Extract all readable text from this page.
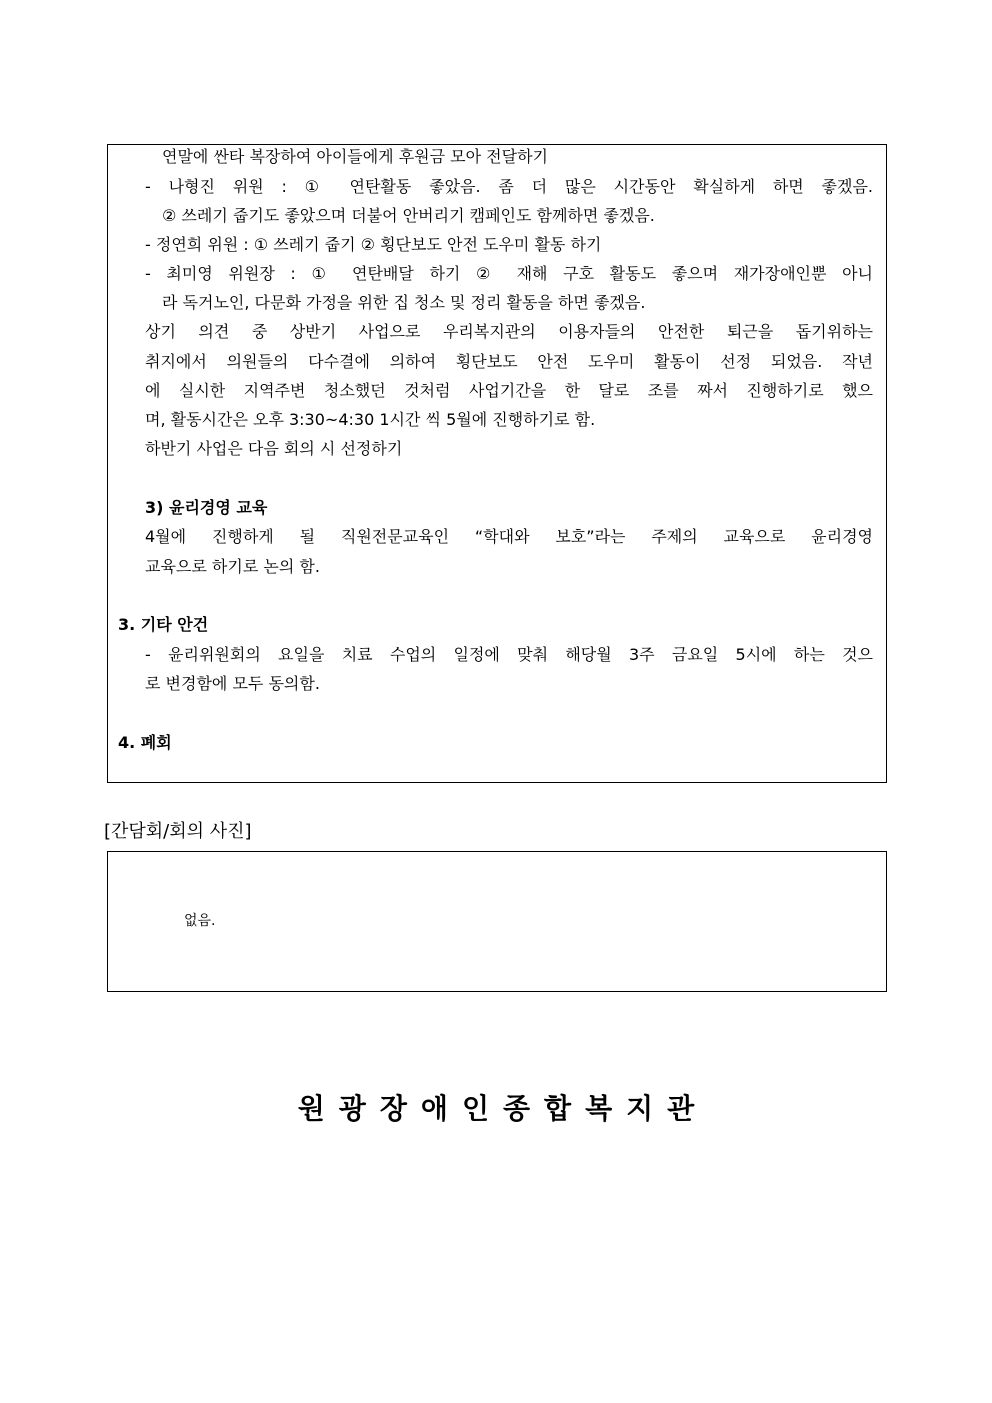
연말에 싼타 복장하여 아이들에게 후원금 모아 전달하기
- 나형진 위원 : ① 연탄활동 좋았음. 좀 더 많은 시간동안 확실하게 하면 좋겠음.
② 쓰레기 줍기도 좋았으며 더불어 안버리기 캠페인도 함께하면 좋겠음.
- 정연희 위원 : ① 쓰레기 줍기 ② 횡단보도 안전 도우미 활동 하기
- 최미영 위원장 : ① 연탄배달 하기 ② 재해 구호 활동도 좋으며 재가장애인뿐 아니
라 독거노인, 다문화 가정을 위한 집 청소 및 정리 활동을 하면 좋겠음.
상기 의견 중 상반기 사업으로 우리복지관의 이용자들의 안전한 퇴근을 돕기위하는
취지에서 의원들의 다수결에 의하여 횡단보도 안전 도우미 활동이 선정 되었음. 작년
에 실시한 지역주변 청소했던 것처럼 사업기간을 한 달로 조를 짜서 진행하기로 했으
며, 활동시간은 오후 3:30~4:30 1시간 씩 5월에 진행하기로 함.
하반기 사업은 다음 회의 시 선정하기
3) 윤리경영 교육
4월에 진행하게 될 직원전문교육인 “학대와 보호”라는 주제의 교육으로 윤리경영
교육으로 하기로 논의 함.
3. 기타 안건
- 윤리위원회의 요일을 치료 수업의 일정에 맞춰 해당월 3주 금요일 5시에 하는 것으
로 변경함에 모두 동의함.
4. 폐회
[간담회/회의 사진]
없음.
원광장애인종합복지관
